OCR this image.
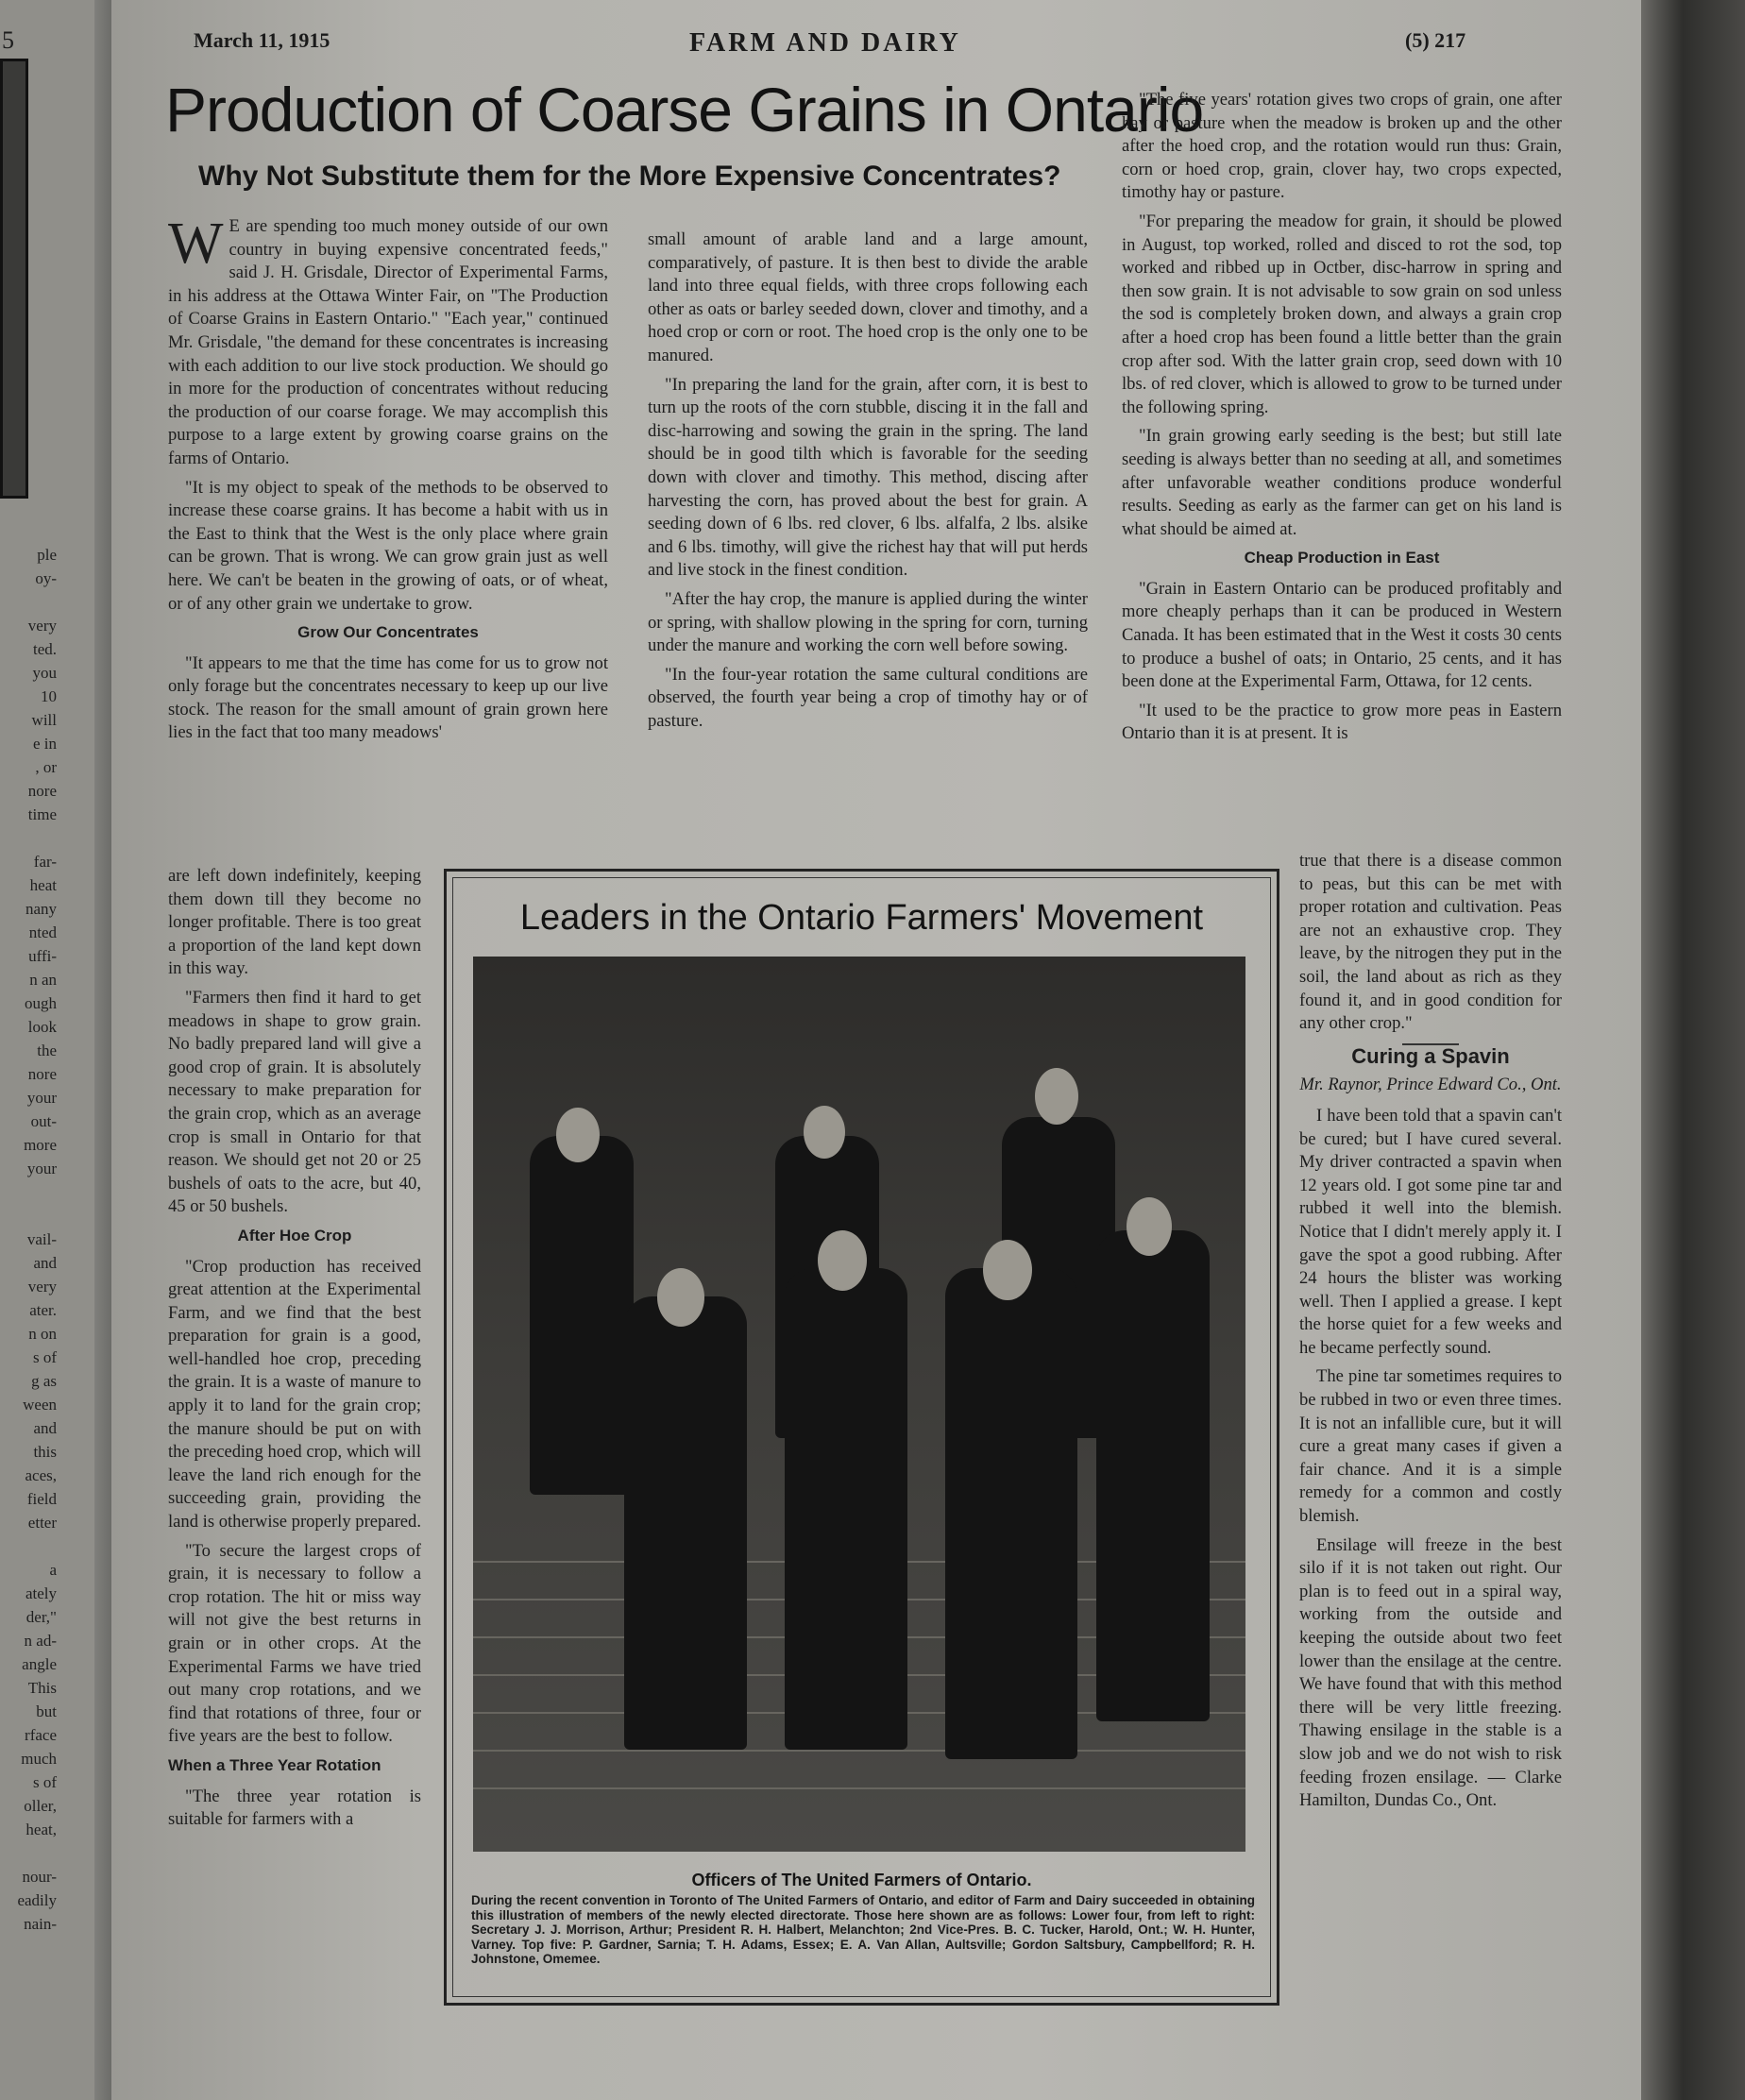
5
ple
oy-

very
ted.
you
10
will
e in
, or
nore
time

far-
heat
nany
nted
uffi-
n an
ough
look
the
nore
your
out-
more
your

vail-
and
very
ater.
n on
s of
g as
ween
and
this
aces,
field
etter

a
ately
der,"
n ad-
angle
This
but
rface
much
s of
oller,
heat,

nour-
eadily
nain-
March 11, 1915	FARM AND DAIRY	(5) 217
Production of Coarse Grains in Ontario
Why Not Substitute them for the More Expensive Concentrates?

W E are spending too much money outside of our own country in buying expensive concentrated feeds," said J. H. Grisdale, Director of Experimental Farms, in his address at the Ottawa Winter Fair, on "The Production of Coarse Grains in Eastern Ontario." "Each year," continued Mr. Grisdale, "the demand for these concentrates is increasing with each addition to our live stock production. We should go in more for the production of concentrates without reducing the production of our coarse forage. We may accomplish this purpose to a large extent by growing coarse grains on the farms of Ontario.

"It is my object to speak of the methods to be observed to increase these coarse grains. It has become a habit with us in the East to think that the West is the only place where grain can be grown. That is wrong. We can grow grain just as well here. We can't be beaten in the growing of oats, or of wheat, or of any other grain we undertake to grow.

Grow Our Concentrates

"It appears to me that the time has come for us to grow not only forage but the concentrates necessary to keep up our live stock. The reason for the small amount of grain grown here lies in the fact that too many meadows'

are left down indefinitely, keeping them down till they become no longer profitable. There is too great a proportion of the land kept down in this way.

"Farmers then find it hard to get meadows in shape to grow grain. No badly prepared land will give a good crop of grain. It is absolutely necessary to make preparation for the grain crop, which as an average crop is small in Ontario for that reason. We should get not 20 or 25 bushels of oats to the acre, but 40, 45 or 50 bushels.

After Hoe Crop

"Crop production has received great attention at the Experimental Farm, and we find that the best preparation for grain is a good, well-handled hoe crop, preceding the grain. It is a waste of manure to apply it to land for the grain crop; the manure should be put on with the preceding hoed crop, which will leave the land rich enough for the succeeding grain, providing the land is otherwise properly prepared.

"To secure the largest crops of grain, it is necessary to follow a crop rotation. The hit or miss way will not give the best returns in grain or in other crops. At the Experimental Farms we have tried out many crop rotations, and we find that rotations of three, four or five years are the best to follow.

When a Three Year Rotation

"The three year rotation is suitable for farmers with a

small amount of arable land and a large amount, comparatively, of pasture. It is then best to divide the arable land into three equal fields, with three crops following each other as oats or barley seeded down, clover and timothy, and a hoed crop or corn or root. The hoed crop is the only one to be manured.

"In preparing the land for the grain, after corn, it is best to turn up the roots of the corn stubble, discing it in the fall and disc-harrowing and sowing the grain in the spring. The land should be in good tilth which is favorable for the seeding down with clover and timothy. This method, discing after harvesting the corn, has proved about the best for grain. A seeding down of 6 lbs. red clover, 6 lbs. alfalfa, 2 lbs. alsike and 6 lbs. timothy, will give the richest hay that will put herds and live stock in the finest condition.

"After the hay crop, the manure is applied during the winter or spring, with shallow plowing in the spring for corn, turning under the manure and working the corn well before sowing.

"In the four-year rotation the same cultural conditions are observed, the fourth year being a crop of timothy hay or of pasture.

"The five years' rotation gives two crops of grain, one after hay or pasture when the meadow is broken up and the other after the hoed crop, and the rotation would run thus: Grain, corn or hoed crop, grain, clover hay, two crops expected, timothy hay or pasture.

"For preparing the meadow for grain, it should be plowed in August, top worked, rolled and disced to rot the sod, top worked and ribbed up in Octber, disc-harrow in spring and then sow grain. It is not advisable to sow grain on sod unless the sod is completely broken down, and always a grain crop after a hoed crop has been found a little better than the grain crop after sod. With the latter grain crop, seed down with 10 lbs. of red clover, which is allowed to grow to be turned under the following spring.

"In grain growing early seeding is the best; but still late seeding is always better than no seeding at all, and sometimes after unfavorable weather conditions produce wonderful results. Seeding as early as the farmer can get on his land is what should be aimed at.

Cheap Production in East

"Grain in Eastern Ontario can be produced profitably and more cheaply perhaps than it can be produced in Western Canada. It has been estimated that in the West it costs 30 cents to produce a bushel of oats; in Ontario, 25 cents, and it has been done at the Experimental Farm, Ottawa, for 12 cents.

"It used to be the practice to grow more peas in Eastern Ontario than it is at present. It is

true that there is a disease common to peas, but this can be met with proper rotation and cultivation. Peas are not an exhaustive crop. They leave, by the nitrogen they put in the soil, the land about as rich as they found it, and in good condition for any other crop."

Curing a Spavin

Mr. Raynor, Prince Edward Co., Ont.

I have been told that a spavin can't be cured; but I have cured several. My driver contracted a spavin when 12 years old. I got some pine tar and rubbed it well into the blemish. Notice that I didn't merely apply it. I gave the spot a good rubbing. After 24 hours the blister was working well. Then I applied a grease. I kept the horse quiet for a few weeks and he became perfectly sound.

The pine tar sometimes requires to be rubbed in two or even three times. It is not an infallible cure, but it will cure a great many cases if given a fair chance. And it is a simple remedy for a common and costly blemish.

Ensilage will freeze in the best silo if it is not taken out right. Our plan is to feed out in a spiral way, working from the outside and keeping the outside about two feet lower than the ensilage at the centre. We have found that with this method there will be very little freezing. Thawing ensilage in the stable is a slow job and we do not wish to risk feeding frozen ensilage. — Clarke Hamilton, Dundas Co., Ont.

Leaders in the Ontario Farmers' Movement
Officers of The United Farmers of Ontario.
During the recent convention in Toronto of The United Farmers of Ontario, and editor of Farm and Dairy succeeded in obtaining this illustration of members of the newly elected directorate. Those here shown are as follows: Lower four, from left to right: Secretary J. J. Morrison, Arthur; President R. H. Halbert, Melanchton; 2nd Vice-Pres. B. C. Tucker, Harold, Ont.; W. H. Hunter, Varney. Top five: P. Gardner, Sarnia; T. H. Adams, Essex; E. A. Van Allan, Aultsville; Gordon Saltsbury, Campbellford; R. H. Johnstone, Omemee.
